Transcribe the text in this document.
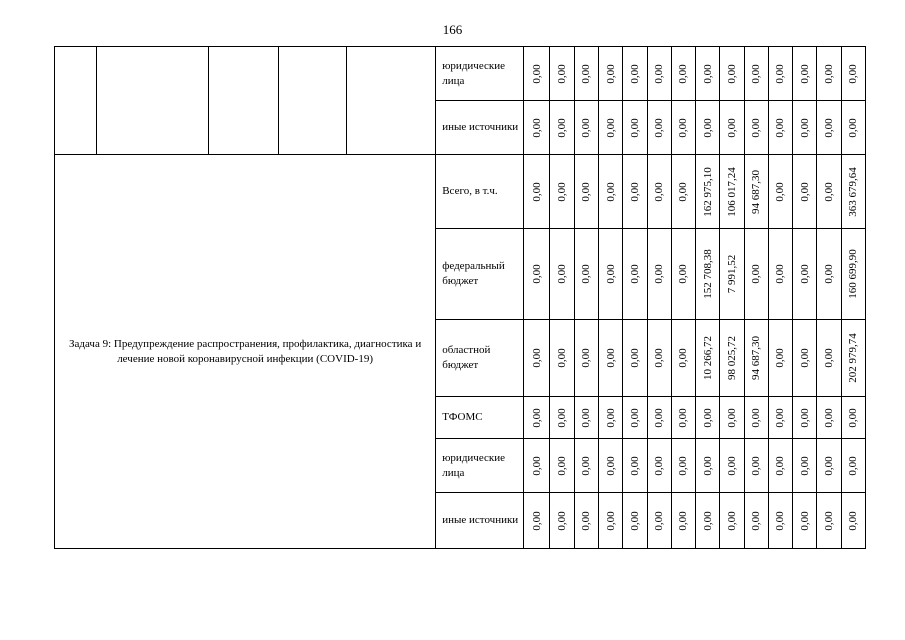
166
					юридические лица	0,00	0,00	0,00	0,00	0,00	0,00	0,00	0,00	0,00	0,00	0,00	0,00	0,00	0,00

					иные источники	0,00	0,00	0,00	0,00	0,00	0,00	0,00	0,00	0,00	0,00	0,00	0,00	0,00	0,00

Задача 9: Предупреждение распространения, профилактика, диагностика и лечение новой коронавирусной инфекции (COVID-19)					Всего, в т.ч.	0,00	0,00	0,00	0,00	0,00	0,00	0,00	162 975,10	106 017,24	94 687,30	0,00	0,00	0,00	363 679,64

					федеральный бюджет	0,00	0,00	0,00	0,00	0,00	0,00	0,00	152 708,38	7 991,52	0,00	0,00	0,00	0,00	160 699,90

					областной бюджет	0,00	0,00	0,00	0,00	0,00	0,00	0,00	10 266,72	98 025,72	94 687,30	0,00	0,00	0,00	202 979,74

					ТФОМС	0,00	0,00	0,00	0,00	0,00	0,00	0,00	0,00	0,00	0,00	0,00	0,00	0,00	0,00

					юридические лица	0,00	0,00	0,00	0,00	0,00	0,00	0,00	0,00	0,00	0,00	0,00	0,00	0,00	0,00

					иные источники	0,00	0,00	0,00	0,00	0,00	0,00	0,00	0,00	0,00	0,00	0,00	0,00	0,00	0,00
